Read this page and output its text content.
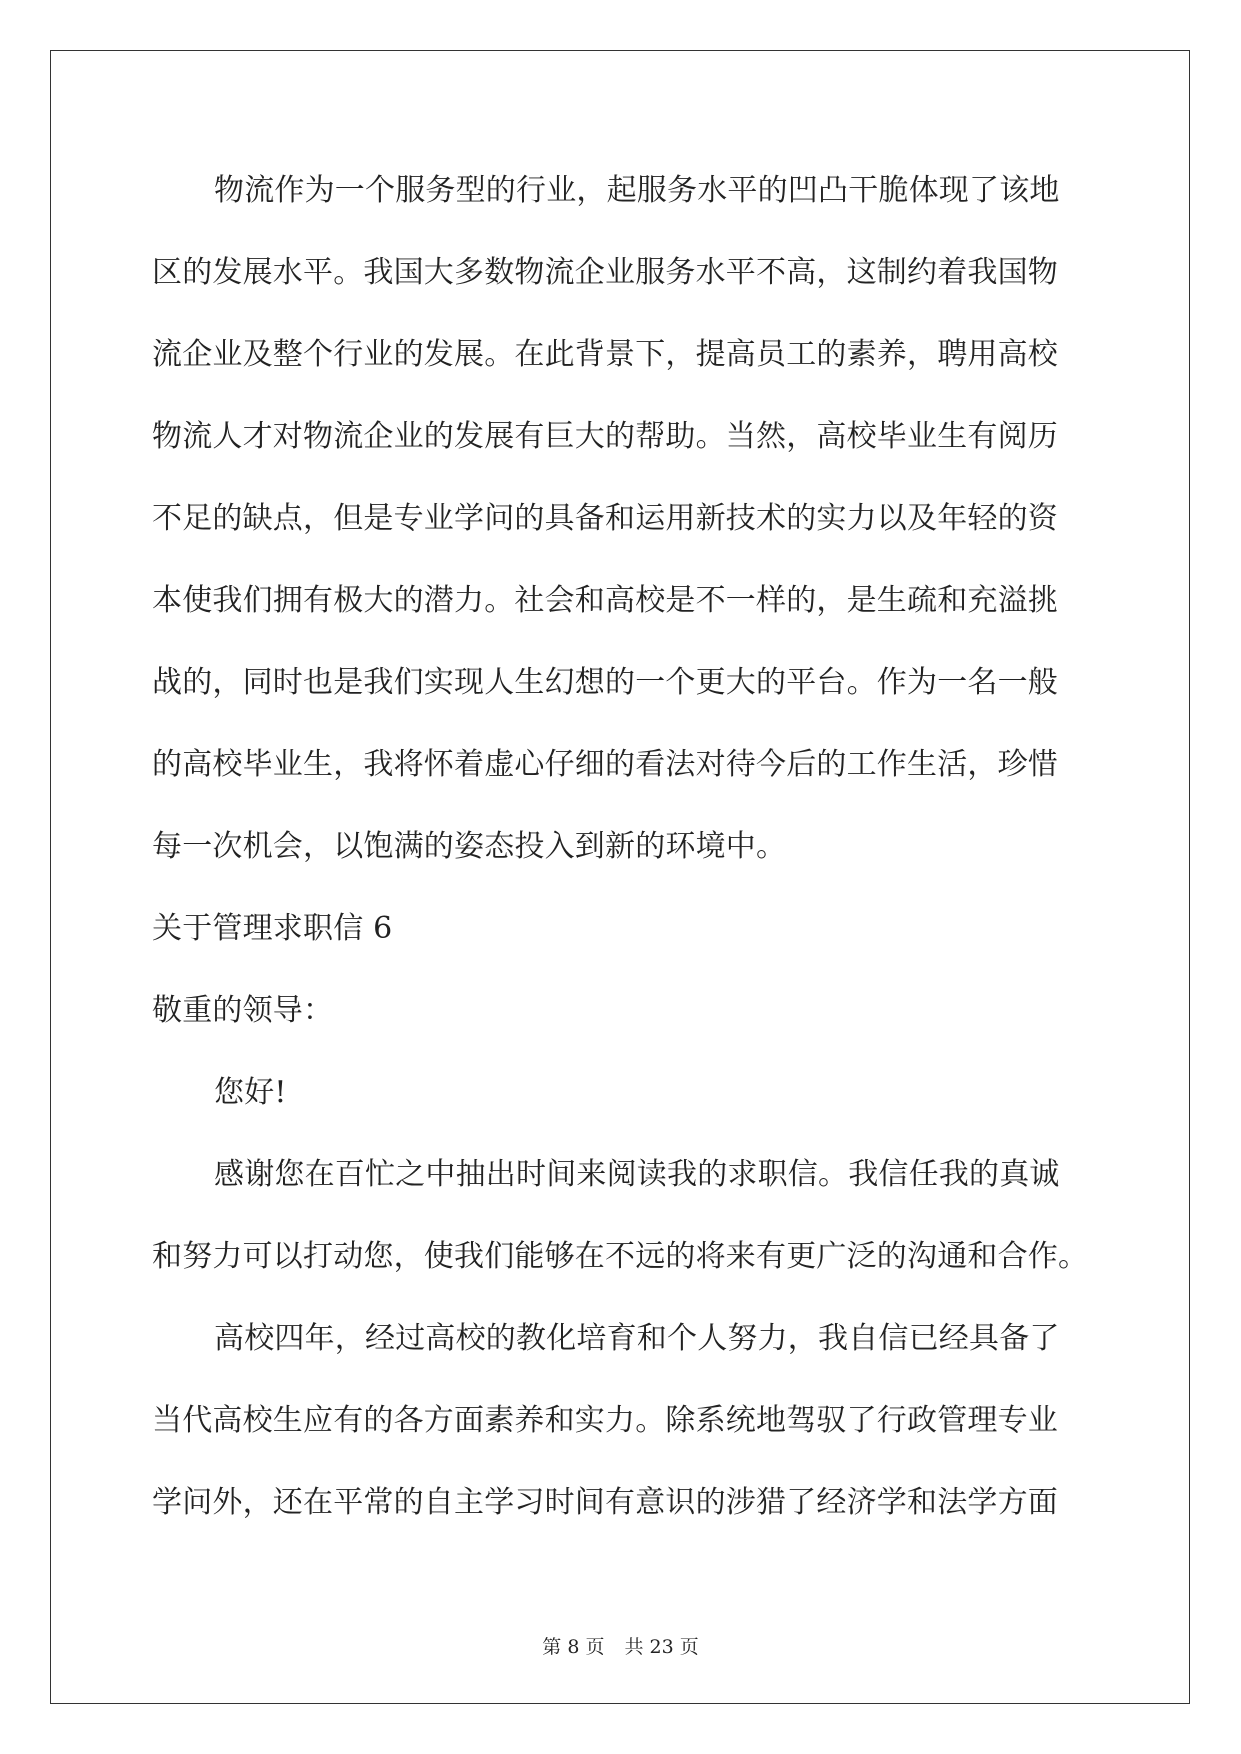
物流作为一个服务型的行业，起服务水平的凹凸干脆体现了该地
区的发展水平。我国大多数物流企业服务水平不高，这制约着我国物
流企业及整个行业的发展。在此背景下，提高员工的素养，聘用高校
物流人才对物流企业的发展有巨大的帮助。当然，高校毕业生有阅历
不足的缺点，但是专业学问的具备和运用新技术的实力以及年轻的资
本使我们拥有极大的潜力。社会和高校是不一样的，是生疏和充溢挑
战的，同时也是我们实现人生幻想的一个更大的平台。作为一名一般
的高校毕业生，我将怀着虚心仔细的看法对待今后的工作生活，珍惜
每一次机会，以饱满的姿态投入到新的环境中。
关于管理求职信 6
敬重的领导：
您好!
感谢您在百忙之中抽出时间来阅读我的求职信。我信任我的真诚
和努力可以打动您，使我们能够在不远的将来有更广泛的沟通和合作。
高校四年，经过高校的教化培育和个人努力，我自信已经具备了
当代高校生应有的各方面素养和实力。除系统地驾驭了行政管理专业
学问外，还在平常的自主学习时间有意识的涉猎了经济学和法学方面
第 8 页 共 23 页
